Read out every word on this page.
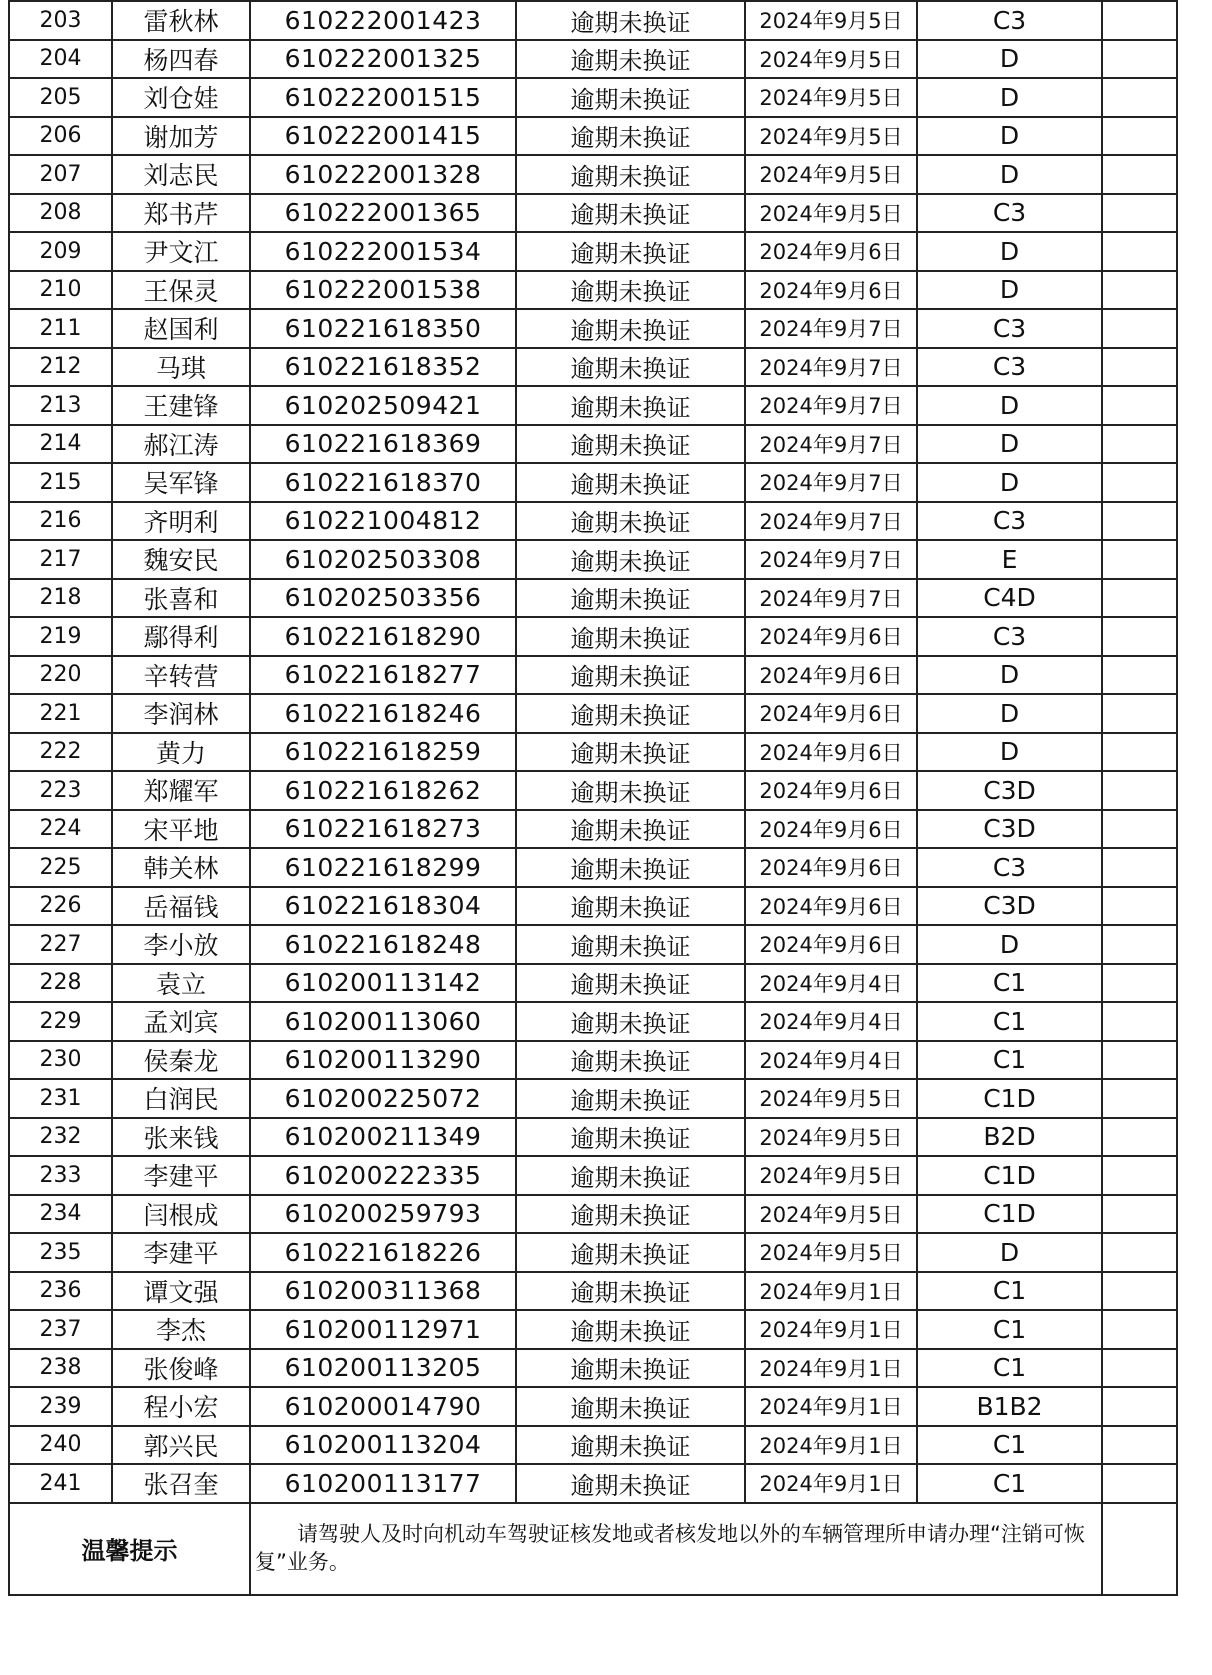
203	雷秋林	610222001423	逾期未换证	2024年9月5日	C3	
204	杨四春	610222001325	逾期未换证	2024年9月5日	D	
205	刘仓娃	610222001515	逾期未换证	2024年9月5日	D	
206	谢加芳	610222001415	逾期未换证	2024年9月5日	D	
207	刘志民	610222001328	逾期未换证	2024年9月5日	D	
208	郑书芹	610222001365	逾期未换证	2024年9月5日	C3	
209	尹文江	610222001534	逾期未换证	2024年9月6日	D	
210	王保灵	610222001538	逾期未换证	2024年9月6日	D	
211	赵国利	610221618350	逾期未换证	2024年9月7日	C3	
212	马琪	610221618352	逾期未换证	2024年9月7日	C3	
213	王建锋	610202509421	逾期未换证	2024年9月7日	D	
214	郝江涛	610221618369	逾期未换证	2024年9月7日	D	
215	吴军锋	610221618370	逾期未换证	2024年9月7日	D	
216	齐明利	610221004812	逾期未换证	2024年9月7日	C3	
217	魏安民	610202503308	逾期未换证	2024年9月7日	E	
218	张喜和	610202503356	逾期未换证	2024年9月7日	C4D	
219	鄢得利	610221618290	逾期未换证	2024年9月6日	C3	
220	辛转营	610221618277	逾期未换证	2024年9月6日	D	
221	李润林	610221618246	逾期未换证	2024年9月6日	D	
222	黄力	610221618259	逾期未换证	2024年9月6日	D	
223	郑耀军	610221618262	逾期未换证	2024年9月6日	C3D	
224	宋平地	610221618273	逾期未换证	2024年9月6日	C3D	
225	韩关林	610221618299	逾期未换证	2024年9月6日	C3	
226	岳福钱	610221618304	逾期未换证	2024年9月6日	C3D	
227	李小放	610221618248	逾期未换证	2024年9月6日	D	
228	袁立	610200113142	逾期未换证	2024年9月4日	C1	
229	孟刘宾	610200113060	逾期未换证	2024年9月4日	C1	
230	侯秦龙	610200113290	逾期未换证	2024年9月4日	C1	
231	白润民	610200225072	逾期未换证	2024年9月5日	C1D	
232	张来钱	610200211349	逾期未换证	2024年9月5日	B2D	
233	李建平	610200222335	逾期未换证	2024年9月5日	C1D	
234	闫根成	610200259793	逾期未换证	2024年9月5日	C1D	
235	李建平	610221618226	逾期未换证	2024年9月5日	D	
236	谭文强	610200311368	逾期未换证	2024年9月1日	C1	
237	李杰	610200112971	逾期未换证	2024年9月1日	C1	
238	张俊峰	610200113205	逾期未换证	2024年9月1日	C1	
239	程小宏	610200014790	逾期未换证	2024年9月1日	B1B2	
240	郭兴民	610200113204	逾期未换证	2024年9月1日	C1	
241	张召奎	610200113177	逾期未换证	2024年9月1日	C1	
温馨提示		请驾驶人及时向机动车驾驶证核发地或者核发地以外的车辆管理所申请办理“注销可恢复”业务。				
